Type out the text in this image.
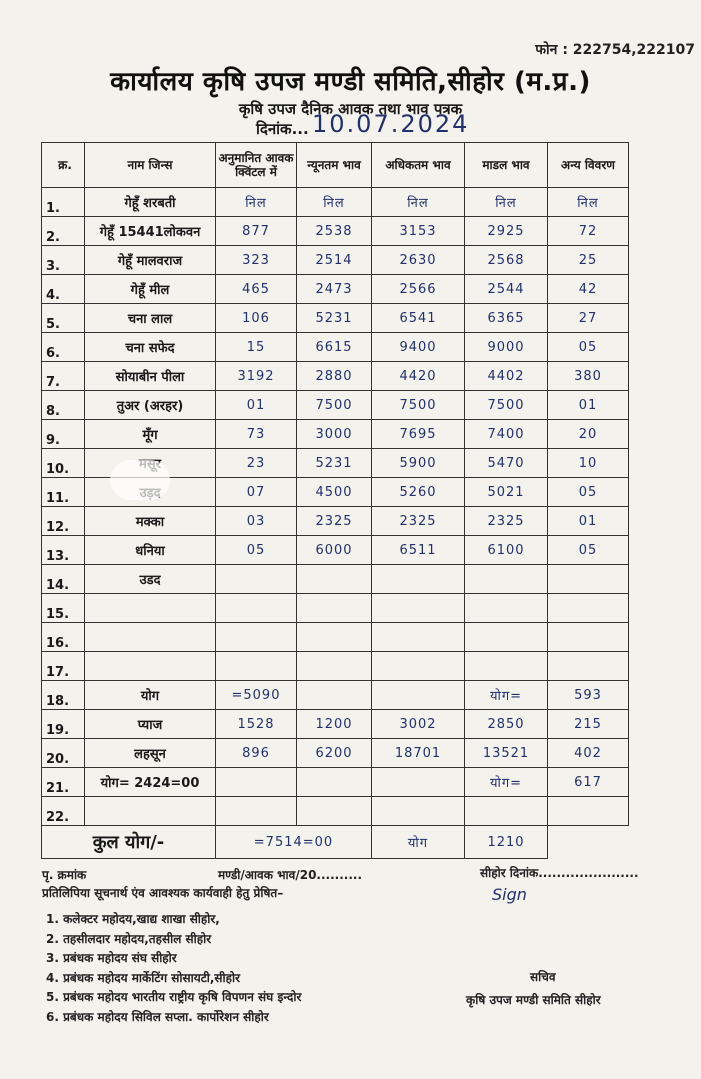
फोन : 222754,222107
कार्यालय कृषि उपज मण्डी समिति,सीहोर (म.प्र.)
कृषि उपज दैनिक आवक तथा भाव पत्रक
दिनांक... 10.07.2024
क्र.	नाम जिन्स	अनुमानित आवक क्विंटल में	न्यूनतम भाव	अधिकतम भाव	माडल भाव	अन्य विवरण
1.	गेहूँ शरबती	निल	निल	निल	निल	निल
2.	गेहूँ 15441लोकवन	877	2538	3153	2925	72
3.	गेहूँ मालवराज	323	2514	2630	2568	25
4.	गेहूँ मील	465	2473	2566	2544	42
5.	चना लाल	106	5231	6541	6365	27
6.	चना सफेद	15	6615	9400	9000	05
7.	सोयाबीन पीला	3192	2880	4420	4402	380
8.	तुअर (अरहर)	01	7500	7500	7500	01
9.	मूँग	73	3000	7695	7400	20
10.		23	5231	5900	5470	10
11.		07	4500	5260	5021	05
12.	मक्का	03	2325	2325	2325	01
13.	धनिया	05	6000	6511	6100	05
14.	उडद					
15.						
16.						
17.						
18.	योग	=5090			योग=	593
19.	प्याज	1528	1200	3002	2850	215
20.	लहसून	896	6200	18701	13521	402
21.	योग= 2424=00				योग=	617
22.						
कुल योग/-		=7514=00		योग	1210	
पृ. क्रमांक	मण्डी/आवक भाव/20..........	सीहोर दिनांक......................
प्रतिलिपिया सूचनार्थ एंव आवश्यक कार्यवाही हेतु प्रेषित–	Sign
1. कलेक्टर महोदय,खाद्य शाखा सीहोर,
2. तहसीलदार महोदय,तहसील सीहोर
3. प्रबंधक महोदय संघ सीहोर
4. प्रबंधक महोदय मार्केटिंग सोसायटी,सीहोर
5. प्रबंधक महोदय भारतीय राष्ट्रीय कृषि विपणन संघ इन्दोर
6. प्रबंधक महोदय सिविल सप्ला. कार्पोरेशन सीहोर
सचिव
कृषि उपज मण्डी समिति सीहोर
